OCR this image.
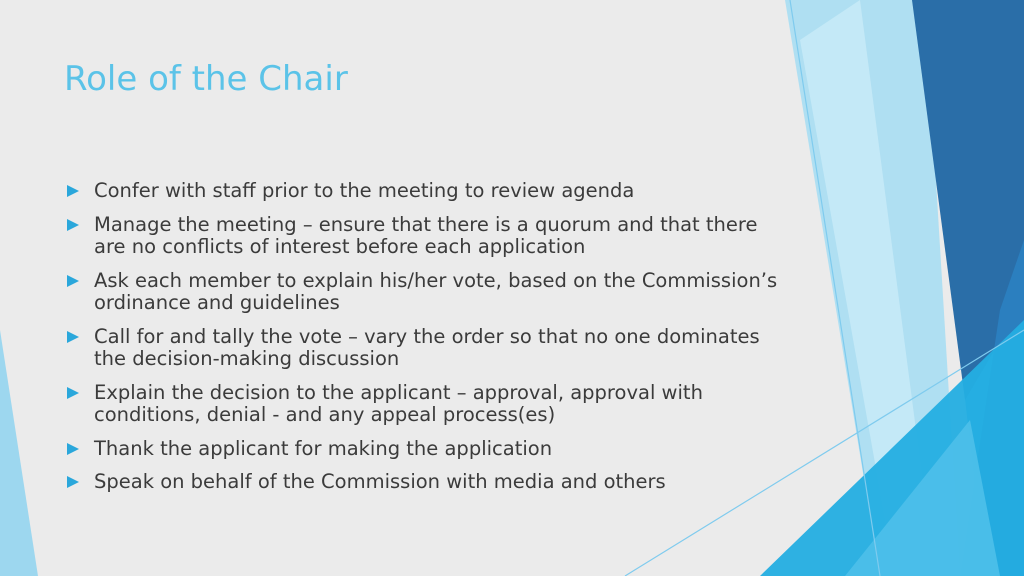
Role of the Chair
Confer with staff prior to the meeting to review agenda
Manage the meeting – ensure that there is a quorum and that there are no conflicts of interest before each application
Ask each member to explain his/her vote, based on the Commission’s ordinance and guidelines
Call for and tally the vote – vary the order so that no one dominates the decision-making discussion
Explain the decision to the applicant – approval, approval with conditions, denial - and any appeal process(es)
Thank the applicant for making the application
Speak on behalf of the Commission with media and others
